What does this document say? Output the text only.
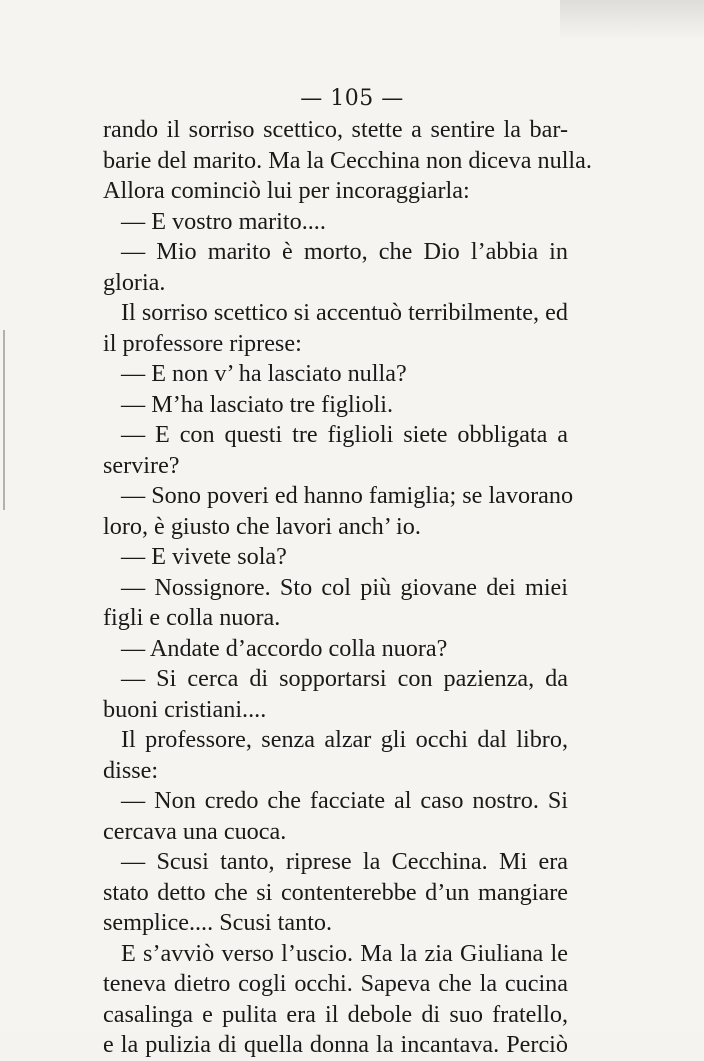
— 105 —
rando il sorriso scettico, stette a sentire la bar-
barie del marito. Ma la Cecchina non diceva nulla.
Allora cominciò lui per incoraggiarla:
— E vostro marito....
— Mio marito è morto, che Dio l’abbia in
gloria.
Il sorriso scettico si accentuò terribilmente, ed
il professore riprese:
— E non v’ ha lasciato nulla?
— M’ha lasciato tre figlioli.
— E con questi tre figlioli siete obbligata a
servire?
— Sono poveri ed hanno famiglia; se lavorano
loro, è giusto che lavori anch’ io.
— E vivete sola?
— Nossignore. Sto col più giovane dei miei
figli e colla nuora.
— Andate d’accordo colla nuora?
— Si cerca di sopportarsi con pazienza, da
buoni cristiani....
Il professore, senza alzar gli occhi dal libro,
disse:
— Non credo che facciate al caso nostro. Si
cercava una cuoca.
— Scusi tanto, riprese la Cecchina. Mi era
stato detto che si contenterebbe d’un mangiare
semplice.... Scusi tanto.
E s’avviò verso l’uscio. Ma la zia Giuliana le
teneva dietro cogli occhi. Sapeva che la cucina
casalinga e pulita era il debole di suo fratello,
e la pulizia di quella donna la incantava. Perciò
